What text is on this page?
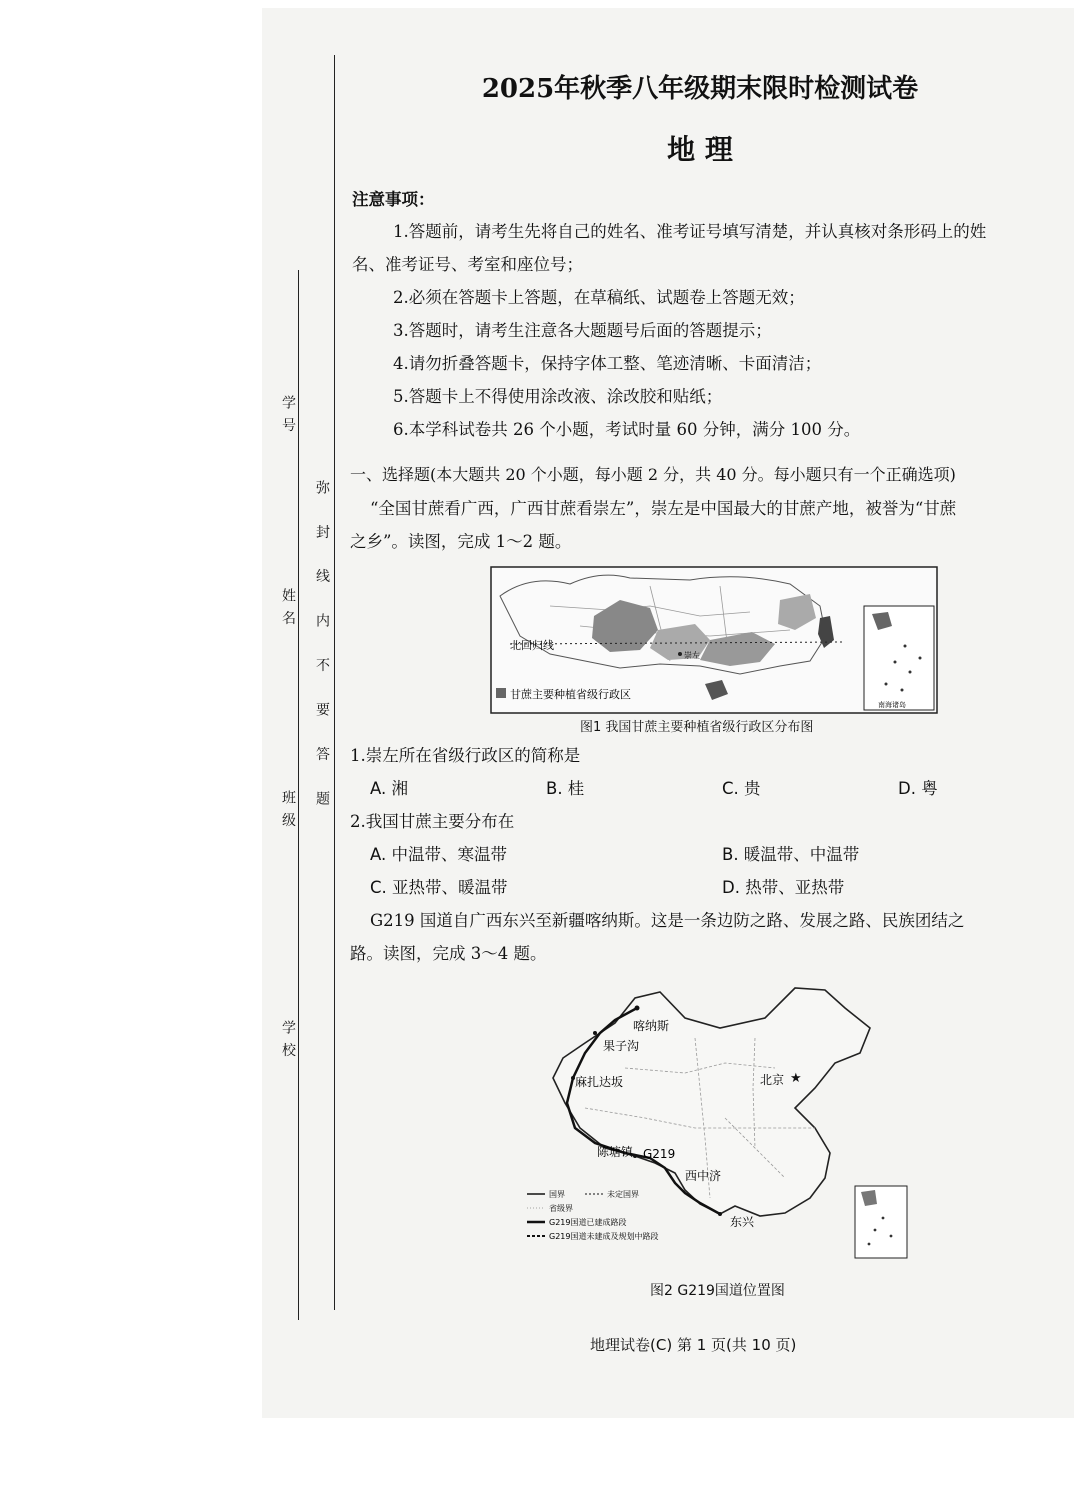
学 校
班 级
姓 名
学 号
弥 封 线 内 不 要 答 题
2025年秋季八年级期末限时检测试卷
地 理
注意事项：
1.答题前，请考生先将自己的姓名、准考证号填写清楚，并认真核对条形码上的姓
名、准考证号、考室和座位号；
2.必须在答题卡上答题，在草稿纸、试题卷上答题无效；
3.答题时，请考生注意各大题题号后面的答题提示；
4.请勿折叠答题卡，保持字体工整、笔迹清晰、卡面清洁；
5.答题卡上不得使用涂改液、涂改胶和贴纸；
6.本学科试卷共 26 个小题，考试时量 60 分钟，满分 100 分。
一、选择题(本大题共 20 个小题，每小题 2 分，共 40 分。每小题只有一个正确选项)
“全国甘蔗看广西，广西甘蔗看崇左”，崇左是中国最大的甘蔗产地，被誉为“甘蔗
之乡”。读图，完成 1～2 题。
北回归线
崇左
甘蔗主要种植省级行政区
南海诸岛
图1 我国甘蔗主要种植省级行政区分布图
1.崇左所在省级行政区的简称是
A. 湘	B. 桂	C. 贵	D. 粤
2.我国甘蔗主要分布在
A. 中温带、寒温带	B. 暖温带、中温带
C. 亚热带、暖温带	D. 热带、亚热带
G219 国道自广西东兴至新疆喀纳斯。这是一条边防之路、发展之路、民族团结之
路。读图，完成 3～4 题。
★
喀纳斯
果子沟
麻扎达坂	北京
陈塘镇 G219
西中济
东兴
国界	未定国界
省级界
G219国道已建成路段
G219国道未建成及规划中路段
图2 G219国道位置图
地理试卷(C) 第 1 页(共 10 页)
